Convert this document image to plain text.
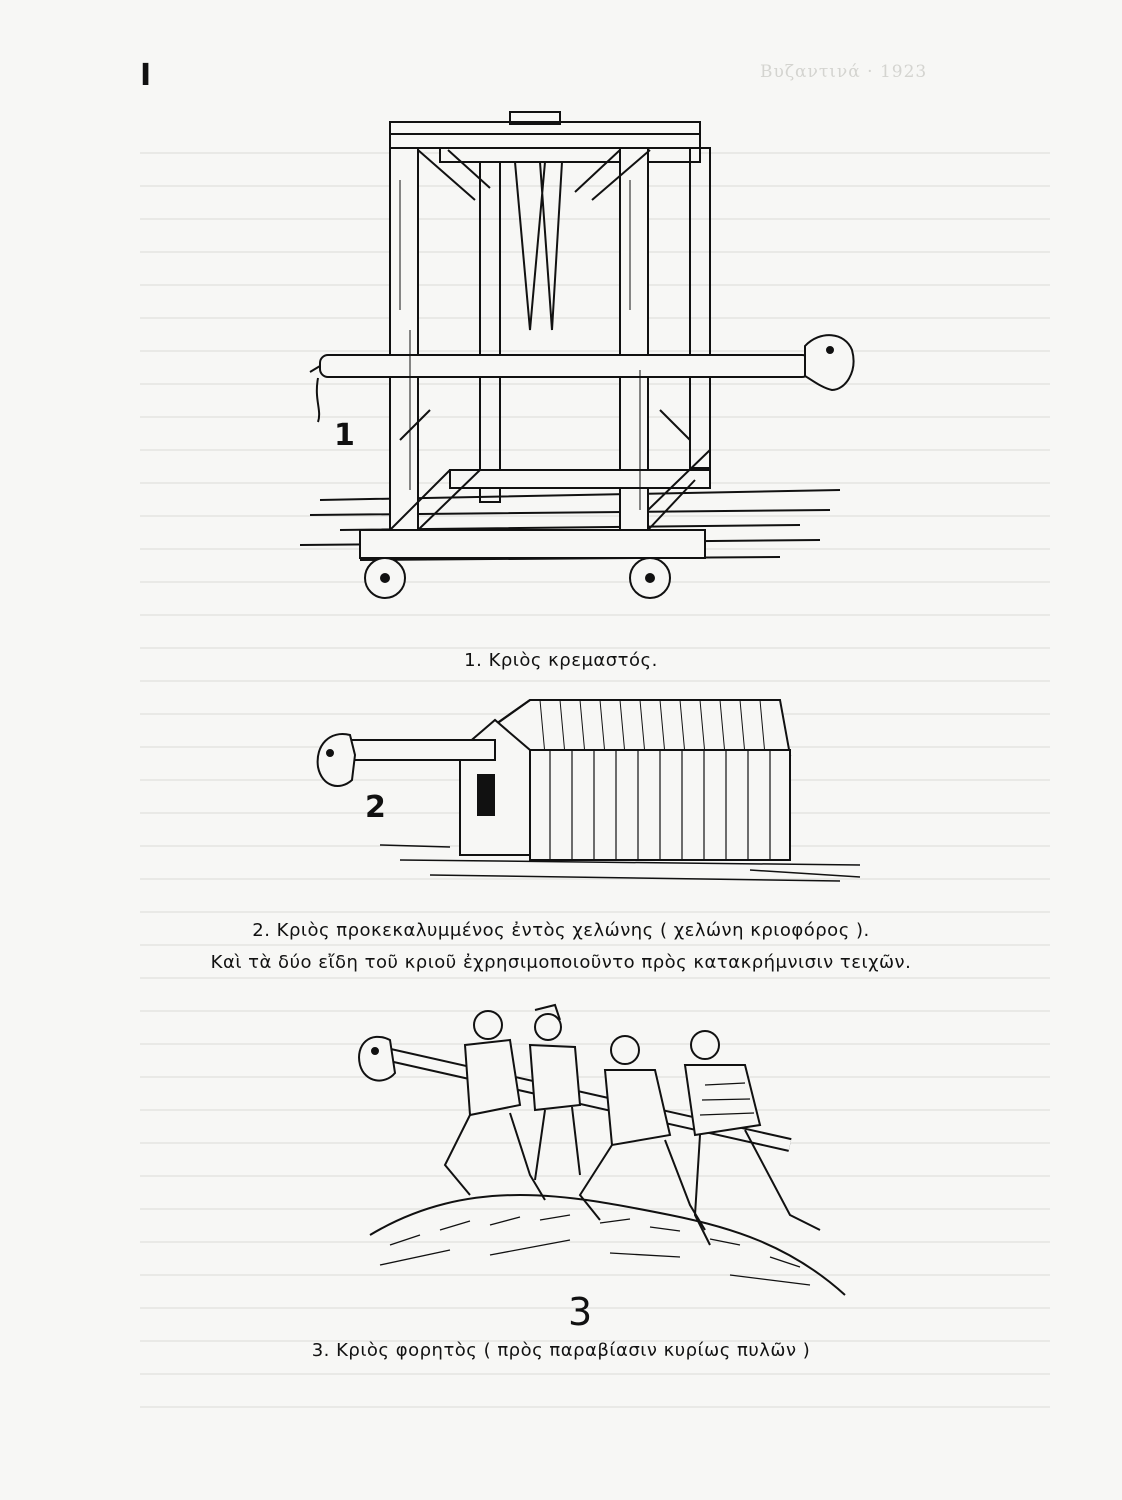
Βυζαντινά · 1923
I
1
1. Κριὸς κρεμαστός.
2
2. Κριὸς προκεκαλυμμένος ἐντὸς χελώνης ( χελώνη κριοφόρος ).
Καὶ τὰ δύο εἴδη τοῦ κριοῦ ἐχρησιμοποιοῦντο πρὸς κατακρήμνισιν τειχῶν.
3
3. Κριὸς φορητὸς ( πρὸς παραβίασιν κυρίως πυλῶν )
